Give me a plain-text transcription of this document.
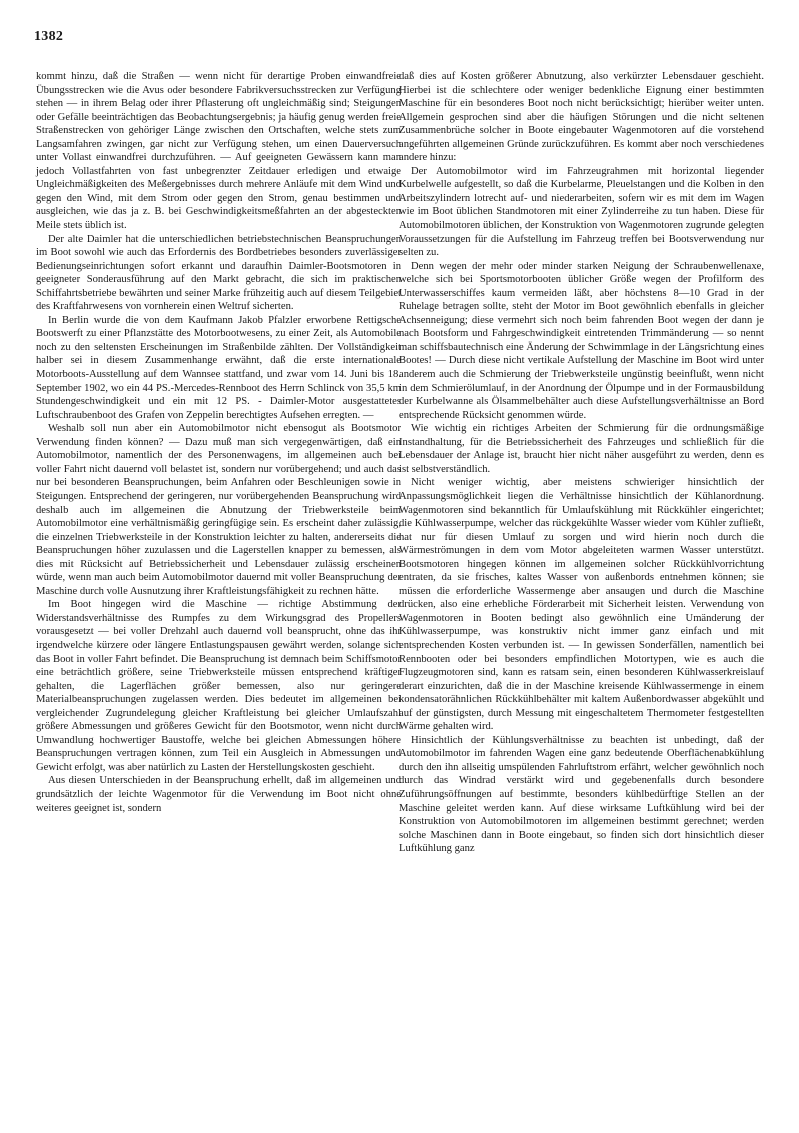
1382

kommt hinzu, daß die Straßen — wenn nicht für derartige Proben einwandfreie Übungsstrecken wie die Avus oder besondere Fabrikversuchsstrecken zur Verfügung stehen — in ihrem Belag oder ihrer Pflasterung oft ungleichmäßig sind; Steigungen oder Gefälle beeinträchtigen das Beobachtungsergebnis; ja häufig genug werden freie Straßenstrecken von gehöriger Länge zwischen den Ortschaften, welche stets zum Langsamfahren zwingen, gar nicht zur Verfügung stehen, um einen Dauerversuch unter Vollast einwandfrei durchzuführen. — Auf geeigneten Gewässern kann man jedoch Vollastfahrten von fast unbegrenzter Zeitdauer erledigen und etwaige Ungleichmäßigkeiten des Meßergebnisses durch mehrere Anläufe mit dem Wind und gegen den Wind, mit dem Strom oder gegen den Strom, genau bestimmen und ausgleichen, wie das ja z. B. bei Geschwindigkeitsmeßfahrten an der abgesteckten Meile stets üblich ist.

Der alte Daimler hat die unterschiedlichen betriebstechnischen Beanspruchungen im Boot sowohl wie auch das Erfordernis des Bordbetriebes besonders zuverlässiger Bedienungseinrichtungen sofort erkannt und daraufhin Daimler-Bootsmotoren in geeigneter Sonderausführung auf den Markt gebracht, die sich im praktischen Schiffahrtsbetriebe bewährten und seiner Marke frühzeitig auch auf diesem Teilgebiet des Kraftfahrwesens von vornherein einen Weltruf sicherten.

In Berlin wurde die von dem Kaufmann Jakob Pfalzler erworbene Rettigsche Bootswerft zu einer Pflanzstätte des Motorbootwesens, zu einer Zeit, als Automobile noch zu den seltensten Erscheinungen im Straßenbilde zählten. Der Vollständigkeit halber sei in diesem Zusammenhange erwähnt, daß die erste internationale Motorboots-Ausstellung auf dem Wannsee stattfand, und zwar vom 14. Juni bis 18. September 1902, wo ein 44 PS.-Mercedes-Rennboot des Herrn Schlinck von 35,5 km Stundengeschwindigkeit und ein mit 12 PS. - Daimler-Motor ausgestattetes Luftschraubenboot des Grafen von Zeppelin berechtigtes Aufsehen erregten. —

Weshalb soll nun aber ein Automobilmotor nicht ebensogut als Bootsmotor Verwendung finden können? — Dazu muß man sich vergegenwärtigen, daß ein Automobilmotor, namentlich der des Personenwagens, im allgemeinen auch bei voller Fahrt nicht dauernd voll belastet ist, sondern nur vorübergehend; und auch das nur bei besonderen Beanspruchungen, beim Anfahren oder Beschleunigen sowie in Steigungen. Entsprechend der geringeren, nur vorübergehenden Beanspruchung wird deshalb auch im allgemeinen die Abnutzung der Triebwerksteile beim Automobilmotor eine verhältnismäßig geringfügige sein. Es erscheint daher zulässig, die einzelnen Triebwerksteile in der Konstruktion leichter zu halten, andererseits die Beanspruchungen höher zuzulassen und die Lagerstellen knapper zu bemessen, als dies mit Rücksicht auf Betriebssicherheit und Lebensdauer zulässig erscheinen würde, wenn man auch beim Automobilmotor dauernd mit voller Beanspruchung der Maschine durch volle Ausnutzung ihrer Kraftleistungsfähigkeit zu rechnen hätte.

Im Boot hingegen wird die Maschine — richtige Abstimmung der Widerstandsverhältnisse des Rumpfes zu dem Wirkungsgrad des Propellers vorausgesetzt — bei voller Drehzahl auch dauernd voll beansprucht, ohne das ihr irgendwelche kürzere oder längere Entlastungspausen gewährt werden, solange sich das Boot in voller Fahrt befindet. Die Beanspruchung ist demnach beim Schiffsmotor eine beträchtlich größere, seine Triebwerksteile müssen entsprechend kräftiger gehalten, die Lagerflächen größer bemessen, also nur geringere Materialbeanspruchungen zugelassen werden. Dies bedeutet im allgemeinen bei vergleichender Zugrundelegung gleicher Kraftleistung bei gleicher Umlaufszahl größere Abmessungen und größeres Gewicht für den Bootsmotor, wenn nicht durch Umwandlung hochwertiger Baustoffe, welche bei gleichen Abmessungen höhere Beanspruchungen vertragen können, zum Teil ein Ausgleich in Abmessungen und Gewicht erfolgt, was aber natürlich zu Lasten der Herstellungskosten geschieht.

Aus diesen Unterschieden in der Beanspruchung erhellt, daß im allgemeinen und grundsätzlich der leichte Wagenmotor für die Verwendung im Boot nicht ohne weiteres geeignet ist, sondern

daß dies auf Kosten größerer Abnutzung, also verkürzter Lebensdauer geschieht. Hierbei ist die schlechtere oder weniger bedenkliche Eignung einer bestimmten Maschine für ein besonderes Boot noch nicht berücksichtigt; hierüber weiter unten. Allgemein gesprochen sind aber die häufigen Störungen und die nicht seltenen Zusammenbrüche solcher in Boote eingebauter Wagenmotoren auf die vorstehend angeführten allgemeinen Gründe zurückzuführen. Es kommt aber noch verschiedenes andere hinzu:

Der Automobilmotor wird im Fahrzeugrahmen mit horizontal liegender Kurbelwelle aufgestellt, so daß die Kurbelarme, Pleuelstangen und die Kolben in den Arbeitszylindern lotrecht auf- und niederarbeiten, sofern wir es mit dem im Wagen wie im Boot üblichen Standmotoren mit einer Zylinderreihe zu tun haben. Diese für Automobilmotoren üblichen, der Konstruktion von Wagenmotoren zugrunde gelegten Voraussetzungen für die Aufstellung im Fahrzeug treffen bei Bootsverwendung nur selten zu.

Denn wegen der mehr oder minder starken Neigung der Schraubenwellenaxe, welche sich bei Sportsmotorbooten üblicher Größe wegen der Profilform des Unterwasserschiffes kaum vermeiden läßt, aber höchstens 8—10 Grad in der Ruhelage betragen sollte, steht der Motor im Boot gewöhnlich ebenfalls in gleicher Achsenneigung; diese vermehrt sich noch beim fahrenden Boot wegen der dann je nach Bootsform und Fahrgeschwindigkeit eintretenden Trimmänderung — so nennt man schiffsbautechnisch eine Änderung der Schwimmlage in der Längsrichtung eines Bootes! — Durch diese nicht vertikale Aufstellung der Maschine im Boot wird unter anderem auch die Schmierung der Triebwerksteile ungünstig beeinflußt, wenn nicht in dem Schmierölumlauf, in der Anordnung der Ölpumpe und in der Formausbildung der Kurbelwanne als Ölsammelbehälter auch diese Aufstellungsverhältnisse an Bord entsprechende Rücksicht genommen würde.

Wie wichtig ein richtiges Arbeiten der Schmierung für die ordnungsmäßige Instandhaltung, für die Betriebssicherheit des Fahrzeuges und schließlich für die Lebensdauer der Anlage ist, braucht hier nicht näher ausgeführt zu werden, denn es ist selbstverständlich.

Nicht weniger wichtig, aber meistens schwieriger hinsichtlich der Anpassungsmöglichkeit liegen die Verhältnisse hinsichtlich der Kühlanordnung. Wagenmotoren sind bekanntlich für Umlaufskühlung mit Rückkühler eingerichtet; die Kühlwasserpumpe, welcher das rückgekühlte Wasser wieder vom Kühler zufließt, hat nur für diesen Umlauf zu sorgen und wird hierin noch durch die Wärmeströmungen in dem vom Motor abgeleiteten warmen Wasser unterstützt. Bootsmotoren hingegen können im allgemeinen solcher Rückkühlvorrichtung entraten, da sie frisches, kaltes Wasser von außenbords entnehmen können; sie müssen die erforderliche Wassermenge aber ansaugen und durch die Maschine drücken, also eine erhebliche Förderarbeit mit Sicherheit leisten. Verwendung von Wagenmotoren in Booten bedingt also gewöhnlich eine Umänderung der Kühlwasserpumpe, was konstruktiv nicht immer ganz einfach und mit entsprechenden Kosten verbunden ist. — In gewissen Sonderfällen, namentlich bei Rennbooten oder bei besonders empfindlichen Motortypen, wie es auch die Flugzeugmotoren sind, kann es ratsam sein, einen besonderen Kühlwasserkreislauf derart einzurichten, daß die in der Maschine kreisende Kühlwassermenge in einem kondensatorähnlichen Rückkühlbehälter mit kaltem Außenbordwasser abgekühlt und auf der günstigsten, durch Messung mit eingeschaltetem Thermometer festgestellten Wärme gehalten wird.

Hinsichtlich der Kühlungsverhältnisse zu beachten ist unbedingt, daß der Automobilmotor im fahrenden Wagen eine ganz bedeutende Oberflächenabkühlung durch den ihn allseitig umspülenden Fahrluftstrom erfährt, welcher gewöhnlich noch durch das Windrad verstärkt wird und gegebenenfalls durch besondere Zuführungsöffnungen auf bestimmte, besonders kühlbedürftige Stellen an der Maschine geleitet werden kann. Auf diese wirksame Luftkühlung wird bei der Konstruktion von Automobilmotoren im allgemeinen bestimmt gerechnet; werden solche Maschinen dann in Boote eingebaut, so finden sich dort hinsichtlich dieser Luftkühlung ganz
